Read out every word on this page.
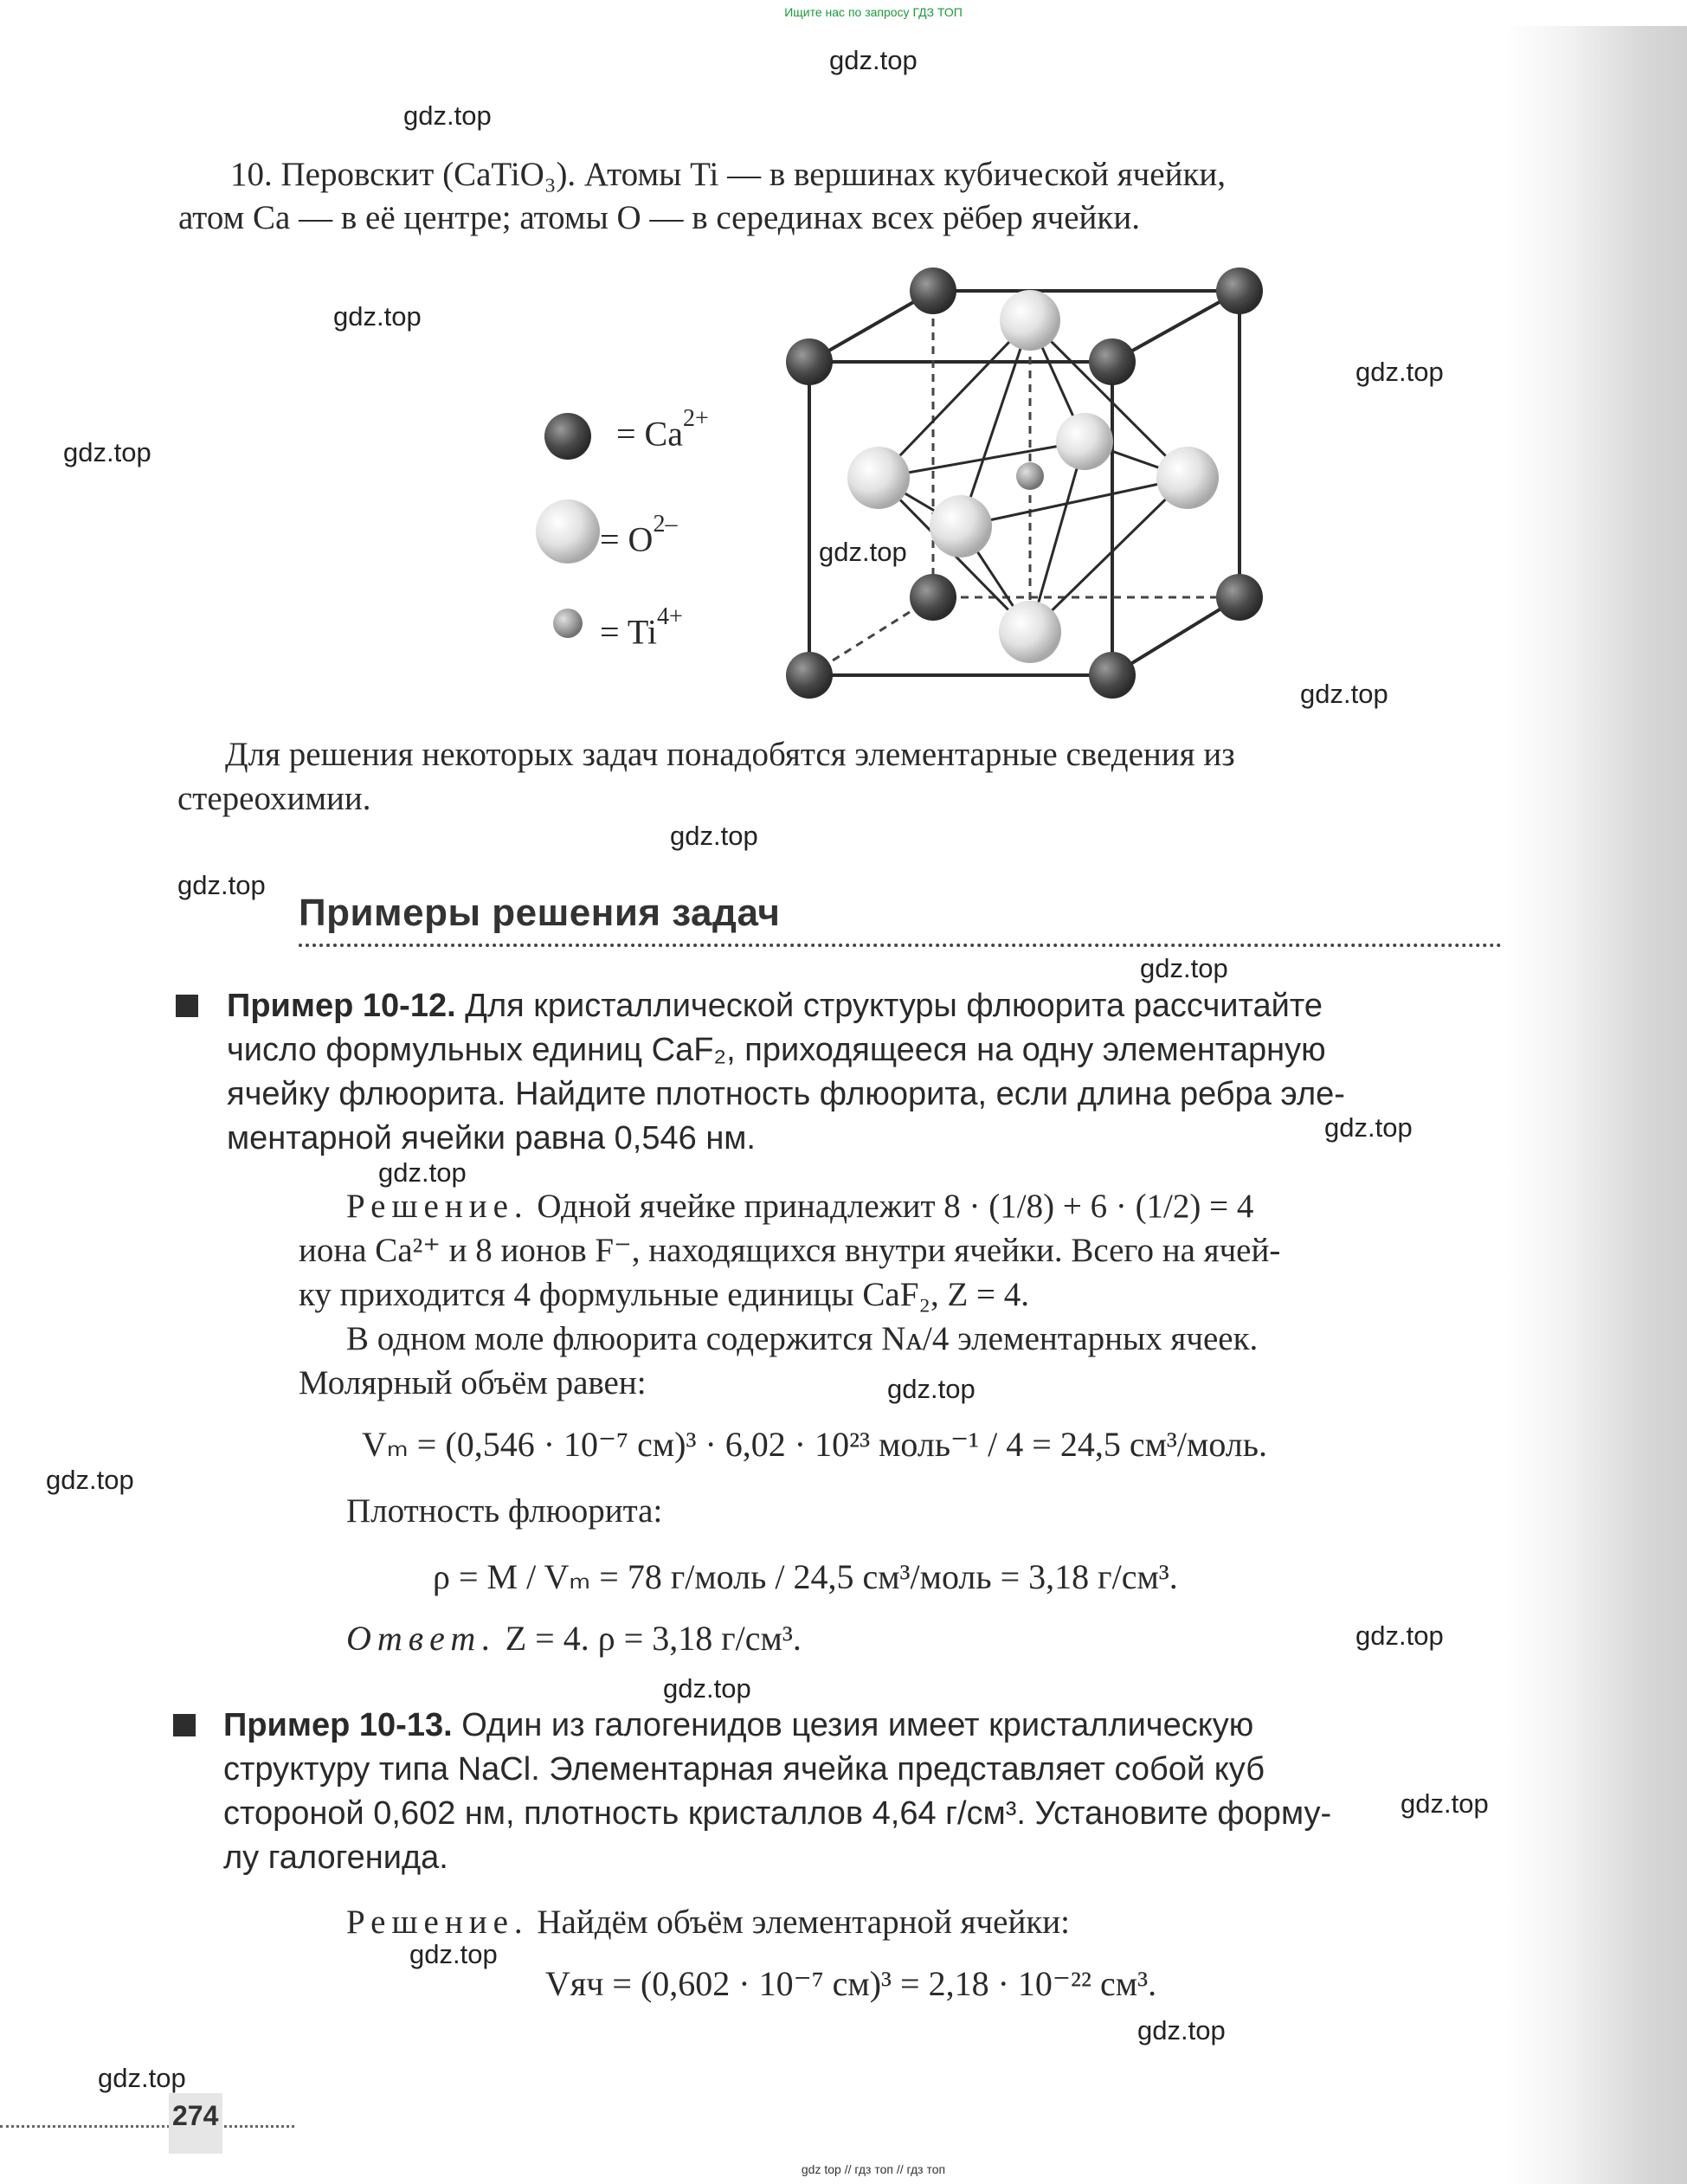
Ищите нас по запросу ГДЗ ТОП
gdz.top
gdz.top
gdz.top
gdz.top
gdz.top
gdz.top
gdz.top
gdz.top
gdz.top
gdz.top
gdz.top
gdz.top
gdz.top
gdz.top
gdz.top
gdz.top
gdz.top
gdz.top
gdz.top
gdz.top
10. Перовскит (CaTiO₃). Атомы Ti — в вершинах кубической ячейки,
атом Ca — в её центре; атомы O — в серединах всех рёбер ячейки.
= $Ca^{2+}$
= $O^{2-}$
= $Ti^{4+}$
Для решения некоторых задач понадобятся элементарные сведения из
стереохимии.
Примеры решения задач
Пример 10-12. Для кристаллической структуры флюорита рассчитайте
число формульных единиц CaF₂, приходящееся на одну элементарную
ячейку флюорита. Найдите плотность флюорита, если длина ребра эле-
ментарной ячейки равна 0,546 нм.
Решение. Одной ячейке принадлежит 8 · (1/8) + 6 · (1/2) = 4
иона Ca²⁺ и 8 ионов F⁻, находящихся внутри ячейки. Всего на ячей-
ку приходится 4 формульные единицы CaF₂, Z = 4.
В одном моле флюорита содержится Nᴀ/4 элементарных ячеек.
Молярный объём равен:
Vₘ = (0,546 · 10⁻⁷ см)³ · 6,02 · 10²³ моль⁻¹ / 4 = 24,5 см³/моль.
Плотность флюорита:
ρ = M / Vₘ = 78 г/моль / 24,5 см³/моль = 3,18 г/см³.
Ответ. Z = 4. ρ = 3,18 г/см³.
Пример 10-13. Один из галогенидов цезия имеет кристаллическую
структуру типа NaCl. Элементарная ячейка представляет собой куб
стороной 0,602 нм, плотность кристаллов 4,64 г/см³. Установите форму-
лу галогенида.
Решение. Найдём объём элементарной ячейки:
Vяч = (0,602 · 10⁻⁷ см)³ = 2,18 · 10⁻²² см³.
274
gdz top // гдз топ // гдз топ
